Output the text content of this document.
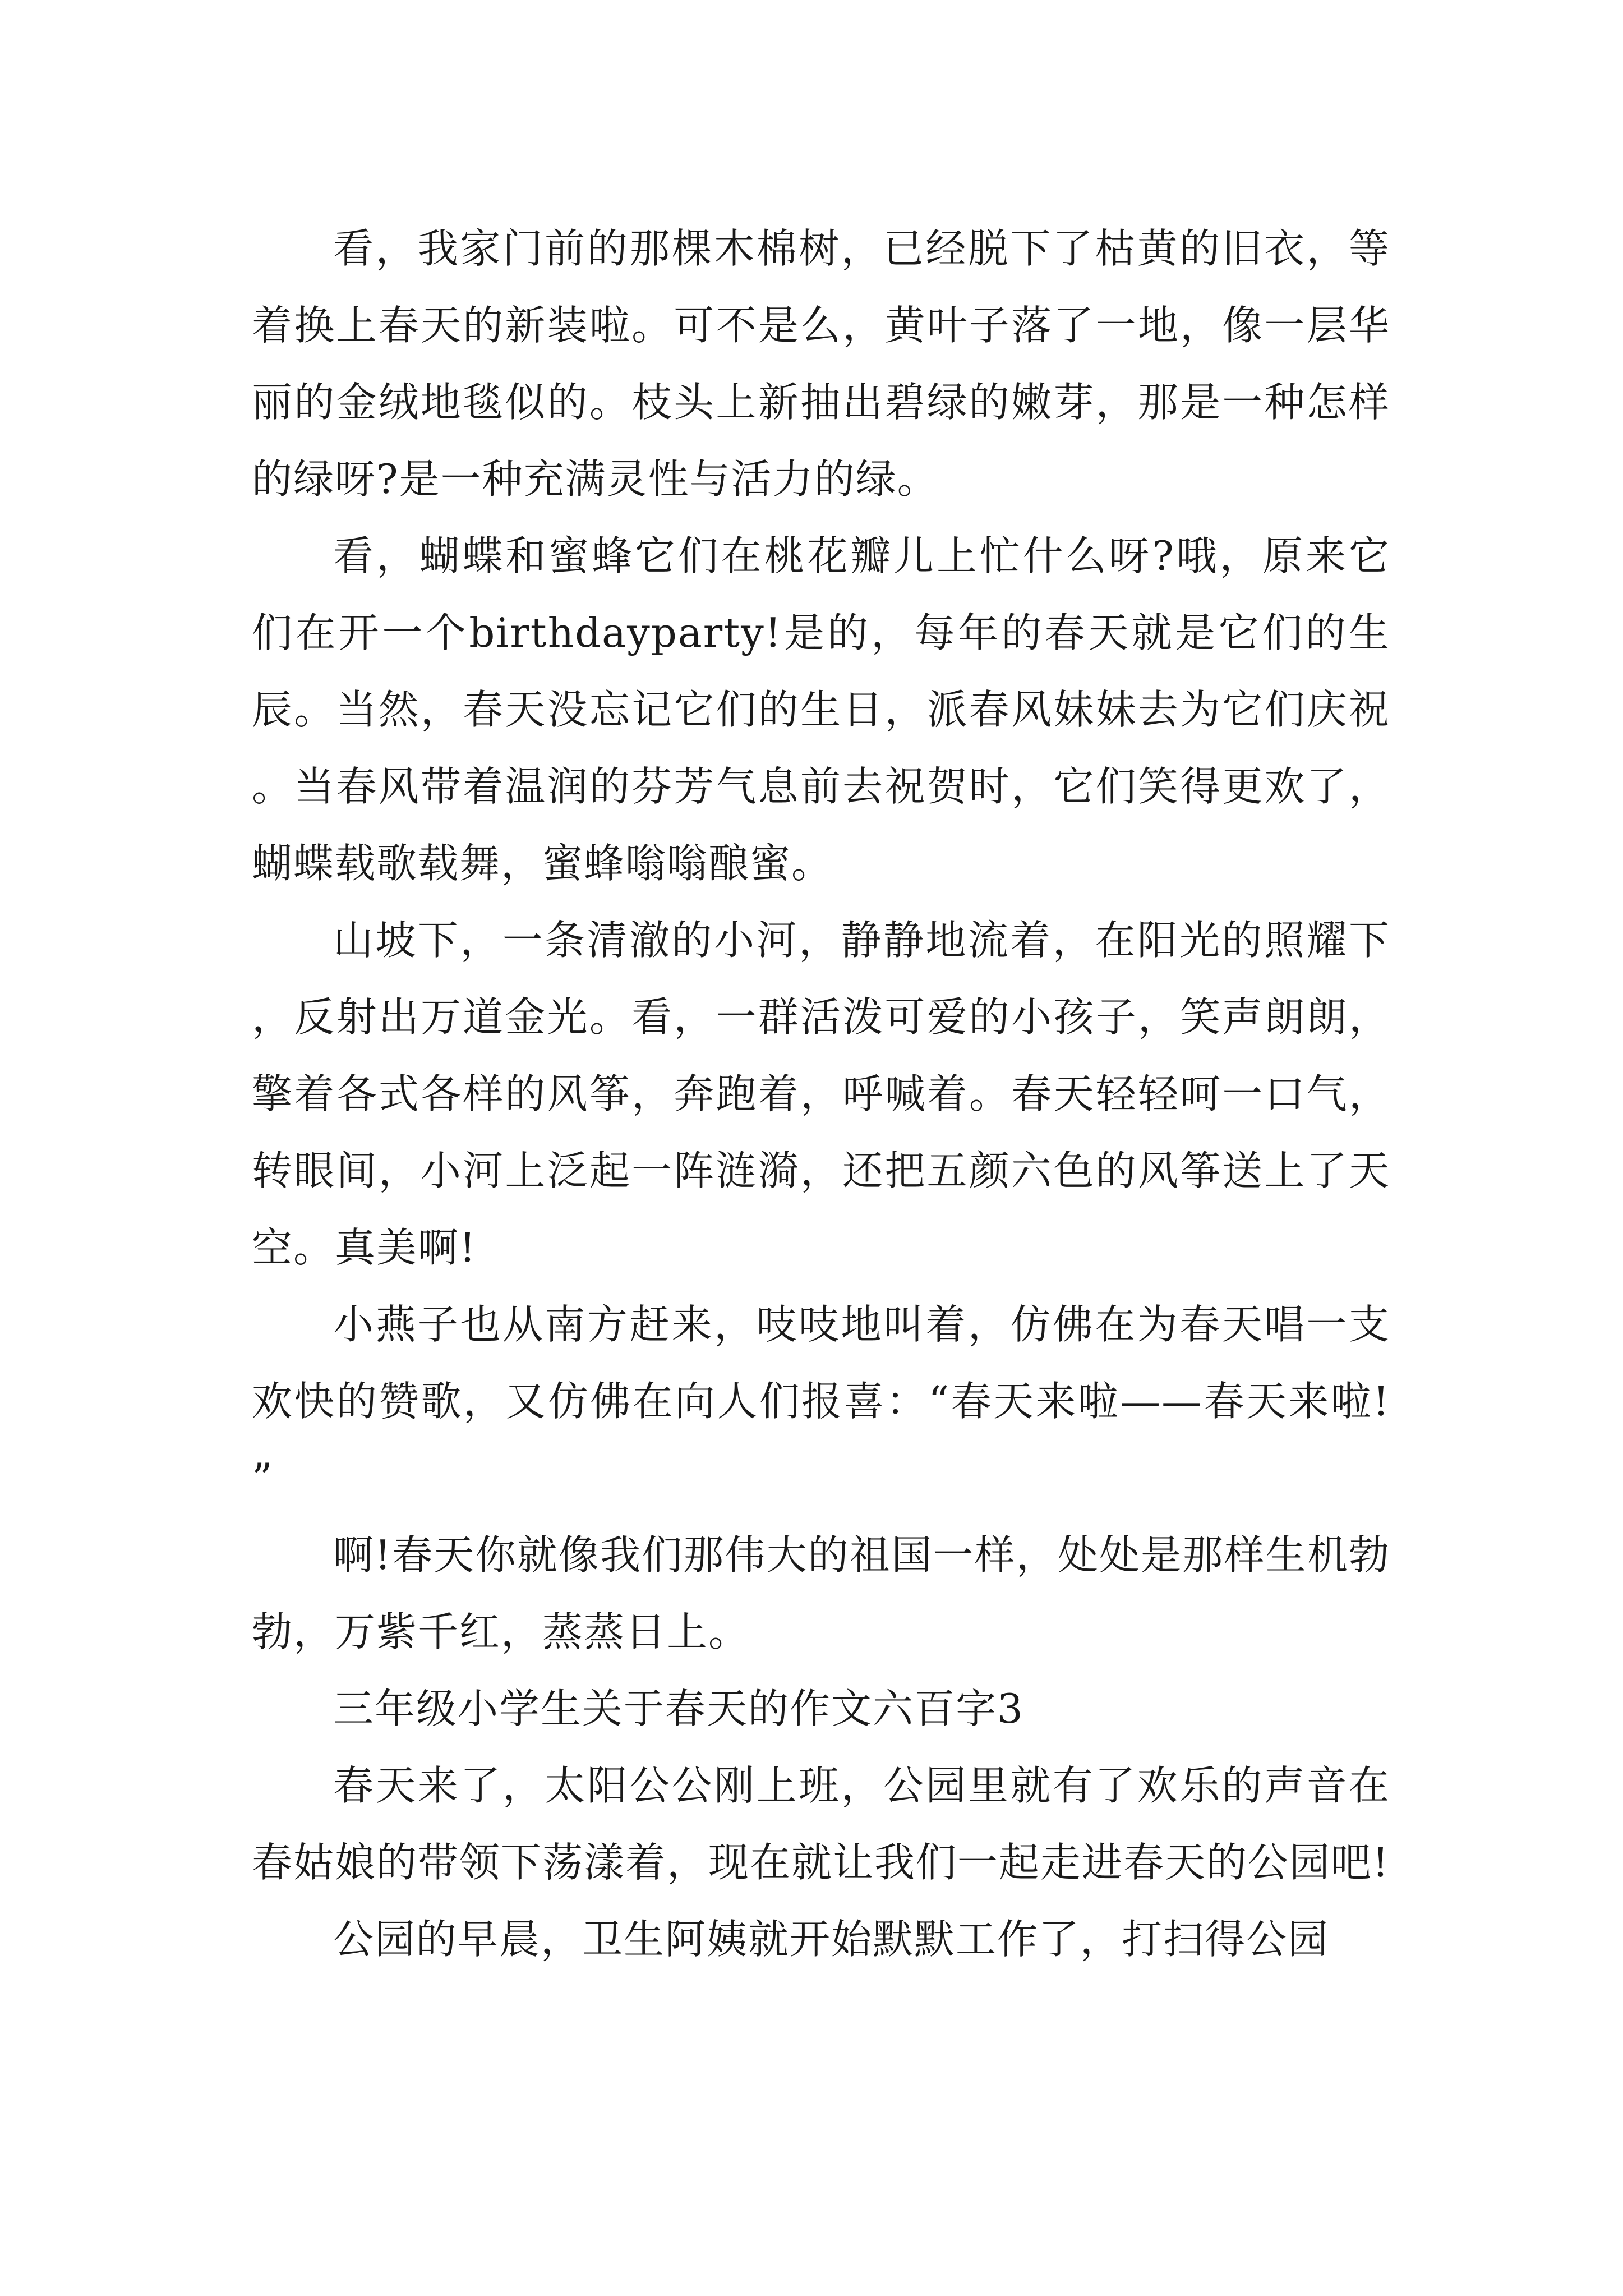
看，我家门前的那棵木棉树，已经脱下了枯黄的旧衣，等着换上春天的新装啦。可不是么，黄叶子落了一地，像一层华丽的金绒地毯似的。枝头上新抽出碧绿的嫩芽，那是一种怎样的绿呀?是一种充满灵性与活力的绿。

看，蝴蝶和蜜蜂它们在桃花瓣儿上忙什么呀?哦，原来它们在开一个birthdayparty!是的，每年的春天就是它们的生辰。当然，春天没忘记它们的生日，派春风妹妹去为它们庆祝。当春风带着温润的芬芳气息前去祝贺时，它们笑得更欢了，蝴蝶载歌载舞，蜜蜂嗡嗡酿蜜。

山坡下，一条清澈的小河，静静地流着，在阳光的照耀下，反射出万道金光。看，一群活泼可爱的小孩子，笑声朗朗，擎着各式各样的风筝，奔跑着，呼喊着。春天轻轻呵一口气，转眼间，小河上泛起一阵涟漪，还把五颜六色的风筝送上了天空。真美啊!

小燕子也从南方赶来，吱吱地叫着，仿佛在为春天唱一支欢快的赞歌，又仿佛在向人们报喜：“春天来啦——春天来啦!”

啊!春天你就像我们那伟大的祖国一样，处处是那样生机勃勃，万紫千红，蒸蒸日上。

三年级小学生关于春天的作文六百字3

春天来了，太阳公公刚上班，公园里就有了欢乐的声音在春姑娘的带领下荡漾着，现在就让我们一起走进春天的公园吧!

公园的早晨，卫生阿姨就开始默默工作了，打扫得公园
